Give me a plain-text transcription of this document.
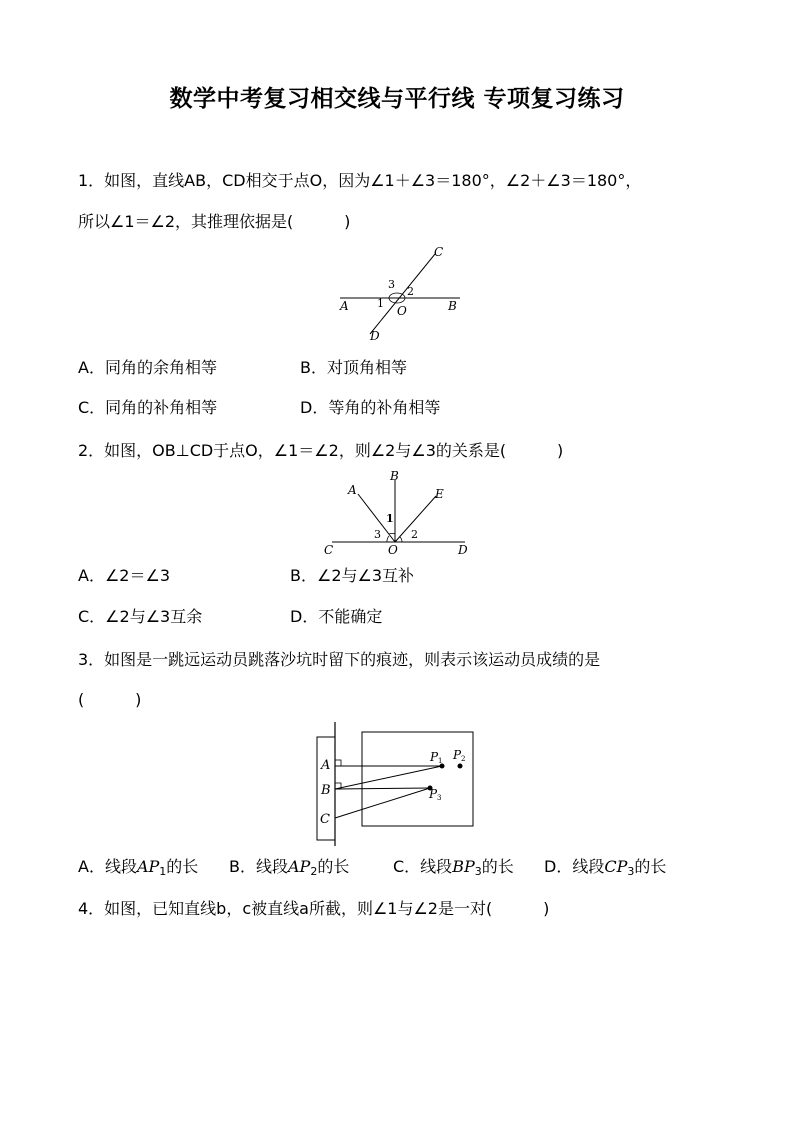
数学中考复习相交线与平行线 专项复习练习
1．如图，直线AB，CD相交于点O，因为∠1＋∠3＝180°，∠2＋∠3＝180°，
所以∠1＝∠2，其推理依据是(          )
A	B
C
D
O
1
2
3
A．同角的余角相等	B．对顶角相等
C．同角的补角相等	D．等角的补角相等
2．如图，OB⊥CD于点O，∠1＝∠2，则∠2与∠3的关系是(          )
A
B
C	D
E
O
1
2
3
A．∠2＝∠3	B．∠2与∠3互补
C．∠2与∠3互余	D．不能确定
3．如图是一跳远运动员跳落沙坑时留下的痕迹，则表示该运动员成绩的是
(          )
A
B
C
P 1 P 2
P 3
A．线段$AP_1$的长 B．线段$AP_2$的长	C．线段$BP_3$的长 D．线段$CP_3$的长
4．如图，已知直线b，c被直线a所截，则∠1与∠2是一对(          )
